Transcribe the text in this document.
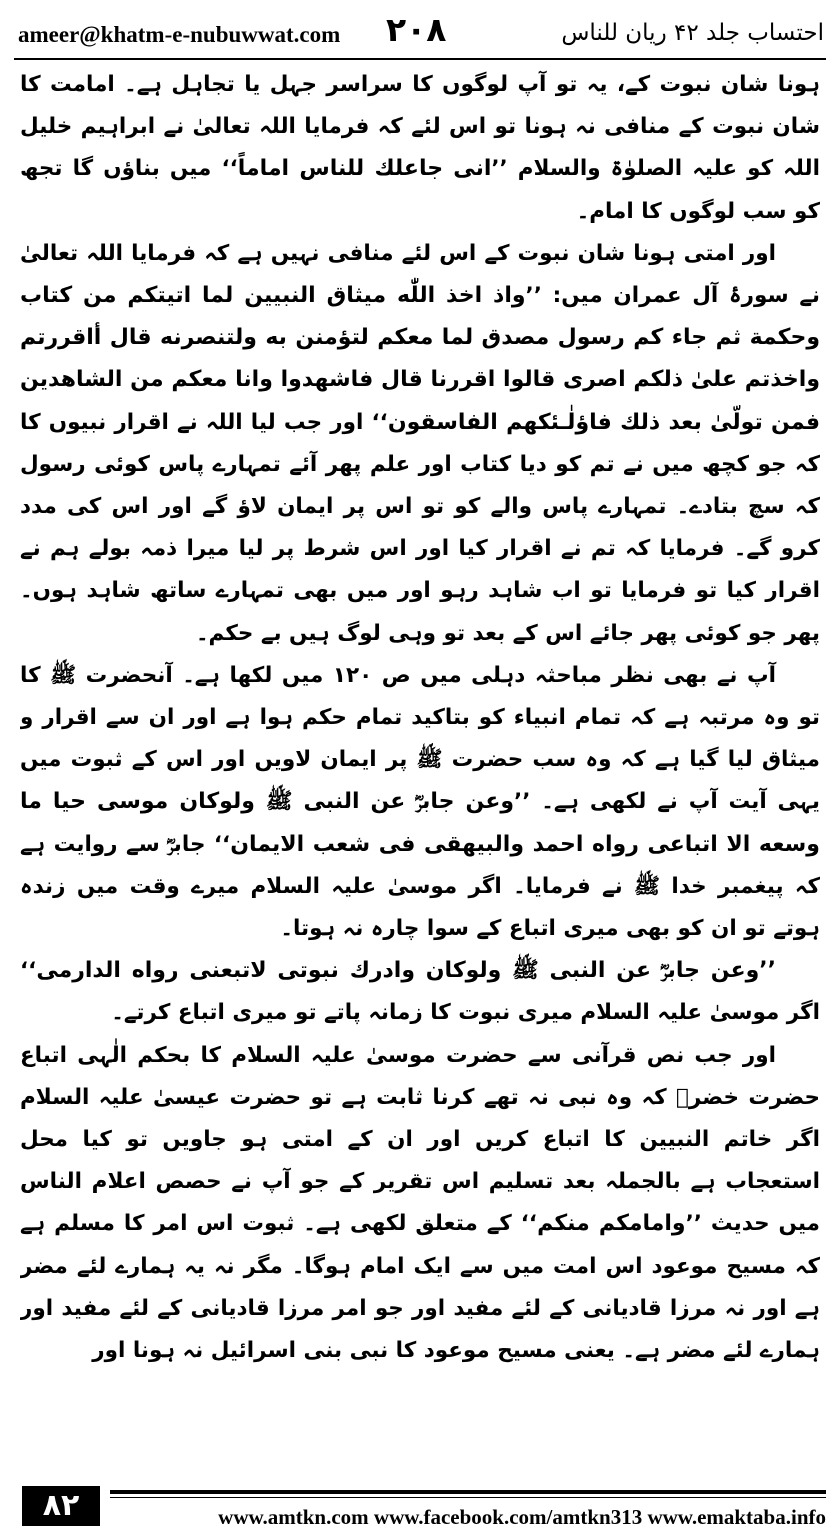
ameer@khatm-e-nubuwwat.com ۲۰۸	احتساب جلد ۴۲ ریان للناس

ہونا شان نبوت کے، یہ تو آپ لوگوں کا سراسر جہل یا تجاہل ہے۔ امامت کا شان نبوت کے منافی نہ ہونا تو اس لئے کہ فرمایا اللہ تعالیٰ نے ابراہیم خلیل اللہ کو علیہ الصلوٰۃ والسلام ’’انی جاعلك للناس اماماً‘‘ میں بناؤں گا تجھ کو سب لوگوں کا امام۔

اور امتی ہونا شان نبوت کے اس لئے منافی نہیں ہے کہ فرمایا اللہ تعالیٰ نے سورۂ آل عمران میں: ’’واذ اخذ اللّٰه ميثاق النبيين لما اتيتكم من كتاب وحكمة ثم جاء كم رسول مصدق لما معكم لتؤمنن به ولتنصرنه قال أاقررتم واخذتم علىٰ ذلكم اصرى قالوا اقررنا قال فاشهدوا وانا معكم من الشاهدين فمن تولّىٰ بعد ذلك فاؤلٰـئكهم الفاسقون‘‘ اور جب لیا اللہ نے اقرار نبیوں کا کہ جو کچھ میں نے تم کو دیا کتاب اور علم پھر آئے تمہارے پاس کوئی رسول کہ سچ بتادے۔ تمہارے پاس والے کو تو اس پر ایمان لاؤ گے اور اس کی مدد کرو گے۔ فرمایا کہ تم نے اقرار کیا اور اس شرط پر لیا میرا ذمہ بولے ہم نے اقرار کیا تو فرمایا تو اب شاہد رہو اور میں بھی تمہارے ساتھ شاہد ہوں۔ پھر جو کوئی پھر جائے اس کے بعد تو وہی لوگ ہیں بے حکم۔

آپ نے بھی نظر مباحثہ دہلی میں ص ۱۲۰ میں لکھا ہے۔ آنحضرت ﷺ کا تو وہ مرتبہ ہے کہ تمام انبیاء کو بتاکید تمام حکم ہوا ہے اور ان سے اقرار و میثاق لیا گیا ہے کہ وہ سب حضرت ﷺ پر ایمان لاویں اور اس کے ثبوت میں یہی آیت آپ نے لکھی ہے۔ ’’وعن جابرؓ عن النبی ﷺ ولوكان موسى حيا ما وسعه الا اتباعى رواه احمد والبيهقى فى شعب الايمان‘‘ جابرؓ سے روایت ہے کہ پیغمبر خدا ﷺ نے فرمایا۔ اگر موسیٰ علیہ السلام میرے وقت میں زندہ ہوتے تو ان کو بھی میری اتباع کے سوا چارہ نہ ہوتا۔

’’وعن جابرؓ عن النبی ﷺ ولوكان وادرك نبوتى لاتبعنى رواه الدارمى‘‘ اگر موسیٰ علیہ السلام میری نبوت کا زمانہ پاتے تو میری اتباع کرتے۔

اور جب نص قرآنی سے حضرت موسیٰ علیہ السلام کا بحکم الٰہی اتباع حضرت خضرؑ کہ وہ نبی نہ تھے کرنا ثابت ہے تو حضرت عیسیٰ علیہ السلام اگر خاتم النبیین کا اتباع کریں اور ان کے امتی ہو جاویں تو کیا محل استعجاب ہے بالجملہ بعد تسلیم اس تقریر کے جو آپ نے حصص اعلام الناس میں حدیث ’’وامامكم منكم‘‘ کے متعلق لکھی ہے۔ ثبوت اس امر کا مسلم ہے کہ مسیح موعود اس امت میں سے ایک امام ہوگا۔ مگر نہ یہ ہمارے لئے مضر ہے اور نہ مرزا قادیانی کے لئے مفید اور جو امر مرزا قادیانی کے لئے مفید اور ہمارے لئے مضر ہے۔ یعنی مسیح موعود کا نبی بنی اسرائیل نہ ہونا اور

۸۲	www.amtkn.com www.facebook.com/amtkn313 www.emaktaba.info
